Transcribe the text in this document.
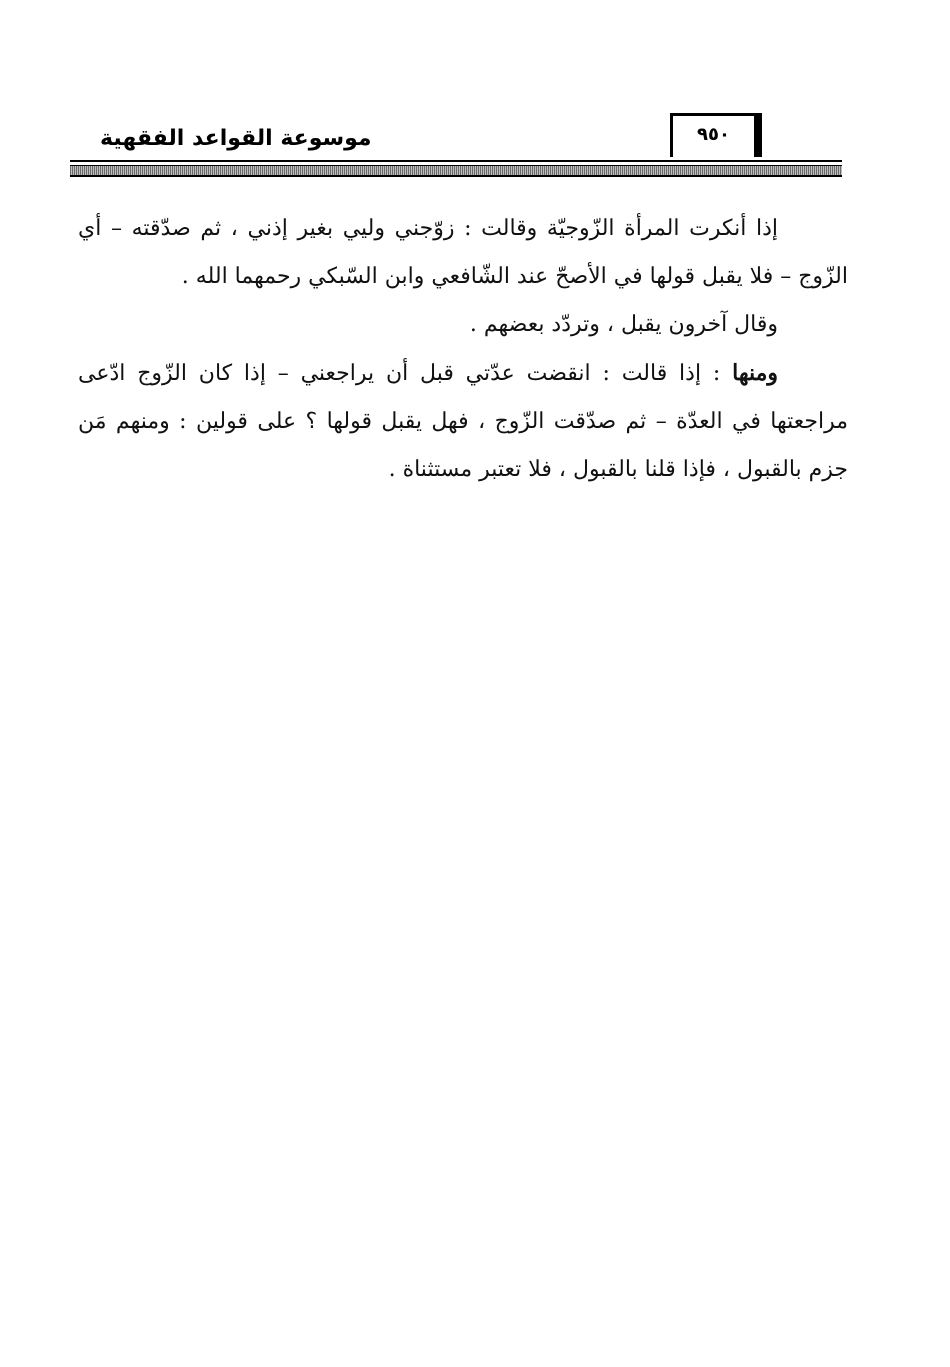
موسوعة القواعد الفقهية	٩٥٠

إذا أنكرت المرأة الزّوجيّة وقالت : زوّجني وليي بغير إذني ، ثم صدّقته – أي الزّوج – فلا يقبل قولها في الأصحّ عند الشّافعي وابن السّبكي رحمهما الله .

وقال آخرون يقبل ، وتردّد بعضهم .

ومنها : إذا قالت : انقضت عدّتي قبل أن يراجعني – إذا كان الزّوج ادّعى مراجعتها في العدّة – ثم صدّقت الزّوج ، فهل يقبل قولها ؟ على قولين : ومنهم مَن جزم بالقبول ، فإذا قلنا بالقبول ، فلا تعتبر مستثناة .
